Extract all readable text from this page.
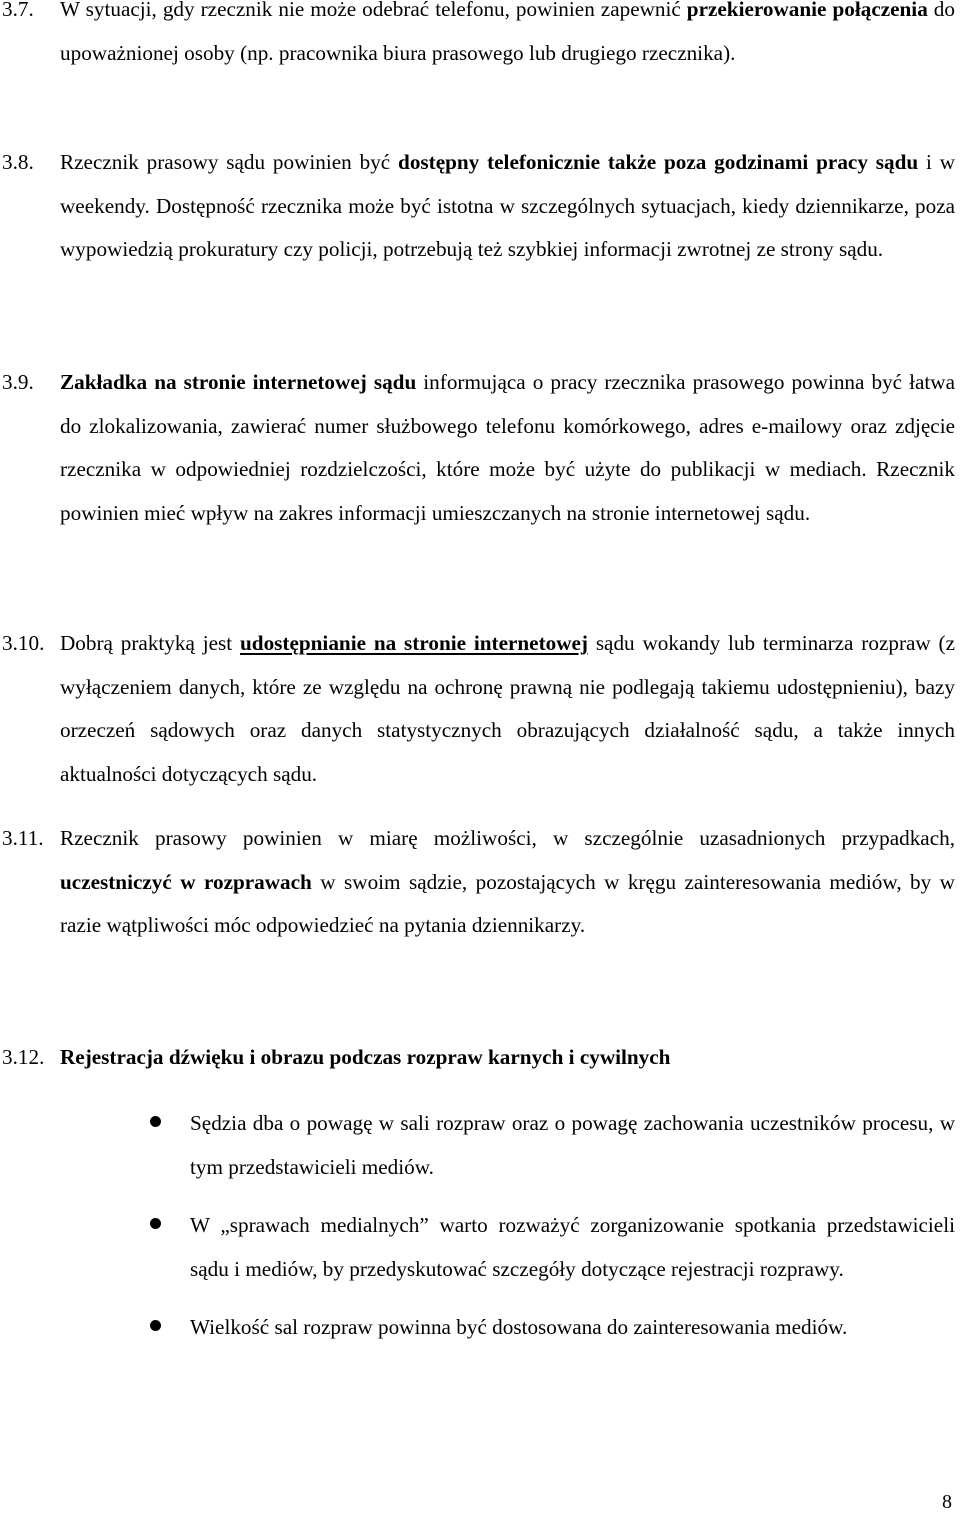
3.7. W sytuacji, gdy rzecznik nie może odebrać telefonu, powinien zapewnić przekierowanie połączenia do upoważnionej osoby (np. pracownika biura prasowego lub drugiego rzecznika).
3.8. Rzecznik prasowy sądu powinien być dostępny telefonicznie także poza godzinami pracy sądu i w weekendy. Dostępność rzecznika może być istotna w szczególnych sytuacjach, kiedy dziennikarze, poza wypowiedzią prokuratury czy policji, potrzebują też szybkiej informacji zwrotnej ze strony sądu.
3.9. Zakładka na stronie internetowej sądu informująca o pracy rzecznika prasowego powinna być łatwa do zlokalizowania, zawierać numer służbowego telefonu komórkowego, adres e-mailowy oraz zdjęcie rzecznika w odpowiedniej rozdzielczości, które może być użyte do publikacji w mediach. Rzecznik powinien mieć wpływ na zakres informacji umieszczanych na stronie internetowej sądu.
3.10. Dobrą praktyką jest udostępnianie na stronie internetowej sądu wokandy lub terminarza rozpraw (z wyłączeniem danych, które ze względu na ochronę prawną nie podlegają takiemu udostępnieniu), bazy orzeczeń sądowych oraz danych statystycznych obrazujących działalność sądu, a także innych aktualności dotyczących sądu.
3.11. Rzecznik prasowy powinien w miarę możliwości, w szczególnie uzasadnionych przypadkach, uczestniczyć w rozprawach w swoim sądzie, pozostających w kręgu zainteresowania mediów, by w razie wątpliwości móc odpowiedzieć na pytania dziennikarzy.
3.12. Rejestracja dźwięku i obrazu podczas rozpraw karnych i cywilnych
Sędzia dba o powagę w sali rozpraw oraz o powagę zachowania uczestników procesu, w tym przedstawicieli mediów.
W „sprawach medialnych” warto rozważyć zorganizowanie spotkania przedstawicieli sądu i mediów, by przedyskutować szczegóły dotyczące rejestracji rozprawy.
Wielkość sal rozpraw powinna być dostosowana do zainteresowania mediów.
8
